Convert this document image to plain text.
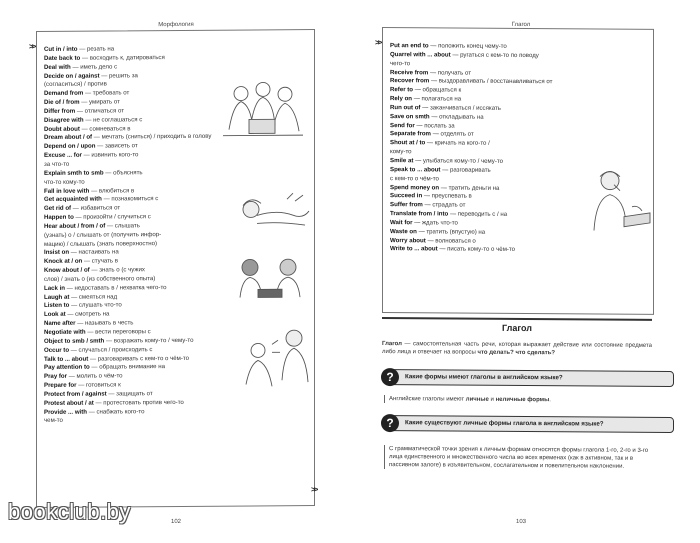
Морфология
>>
>>
Cut in / into — резать на
Date back to — восходить к, датироваться
Deal with — иметь дело с
Decide on / against — решить за
(согласиться) / против
Demand from — требовать от
Die of / from — умирать от
Differ from — отличаться от
Disagree with — не соглашаться с
Doubt about — сомневаться в
Dream about / of — мечтать (сниться) / приходить в голову
Depend on / upon — зависеть от
Excuse ... for — извинить кого-то
за что-то
Explain smth to smb — объяснять
что-то кому-то
Fall in love with — влюбиться в
Get acquainted with — познакомиться с
Get rid of — избавиться от
Happen to — произойти / случиться с
Hear about / from / of — слышать
(узнать) о / слышать от (получить инфор-
мацию) / слышать (знать поверхностно)
Insist on — настаивать на
Knock at / on — стучать в
Know about / of — знать о (с чужих
слов) / знать о (из собственного опыта)
Lack in — недоставать в / нехватка чего-то
Laugh at — смеяться над
Listen to — слушать что-то
Look at — смотреть на
Name after — называть в честь
Negotiate with — вести переговоры с
Object to smb / smth — возражать кому-то / чему-то
Occur to — случаться / происходить с
Talk to ... about — разговаривать с кем-то о чём-то
Pay attention to — обращать внимание на
Pray for — молить о чём-то
Prepare for — готовиться к
Protect from / against — защищать от
Protest about / at — протестовать против чего-то
Provide ... with — снабжать кого-то
чем-то
102
Глагол
>> Put an end to — положить конец чему-то
Quarrel with ... about — ругаться с кем-то по поводу
чего-то
Receive from — получать от
Recover from — выздоравливать / восстанавливаться от
Refer to — обращаться к
Rely on — полагаться на
Run out of — заканчиваться / иссякать
Save on smth — откладывать на
Send for — послать за
Separate from — отделять от
Shout at / to — кричать на кого-то /
кому-то
Smile at — улыбаться кому-то / чему-то
Speak to ... about — разговаривать
с кем-то о чём-то
Spend money on — тратить деньги на
Succeed in — преуспевать в
Suffer from — страдать от
Translate from / into — переводить с / на
Wait for — ждать что-то
Waste on — тратить (впустую) на
Worry about — волноваться о
Write to ... about — писать кому-то о чём-то
Глагол
Глагол — самостоятельная часть речи, которая выражает действие или состояние предмета либо лица и отвечает на вопросы что делать? что сделать?
?	Какие формы имеют глаголы в английском языке?
Английские глаголы имеют личные и неличные формы.
?	Какие существуют личные формы глагола в английском языке?
С грамматической точки зрения к личным формам относятся формы глагола 1-го, 2-го и 3-го лица единственного и множественного числа во всех временах (как в активном, так и в пассивном залоге) в изъявительном, сослагательном и повелительном наклонении.
103
bookclub.by
